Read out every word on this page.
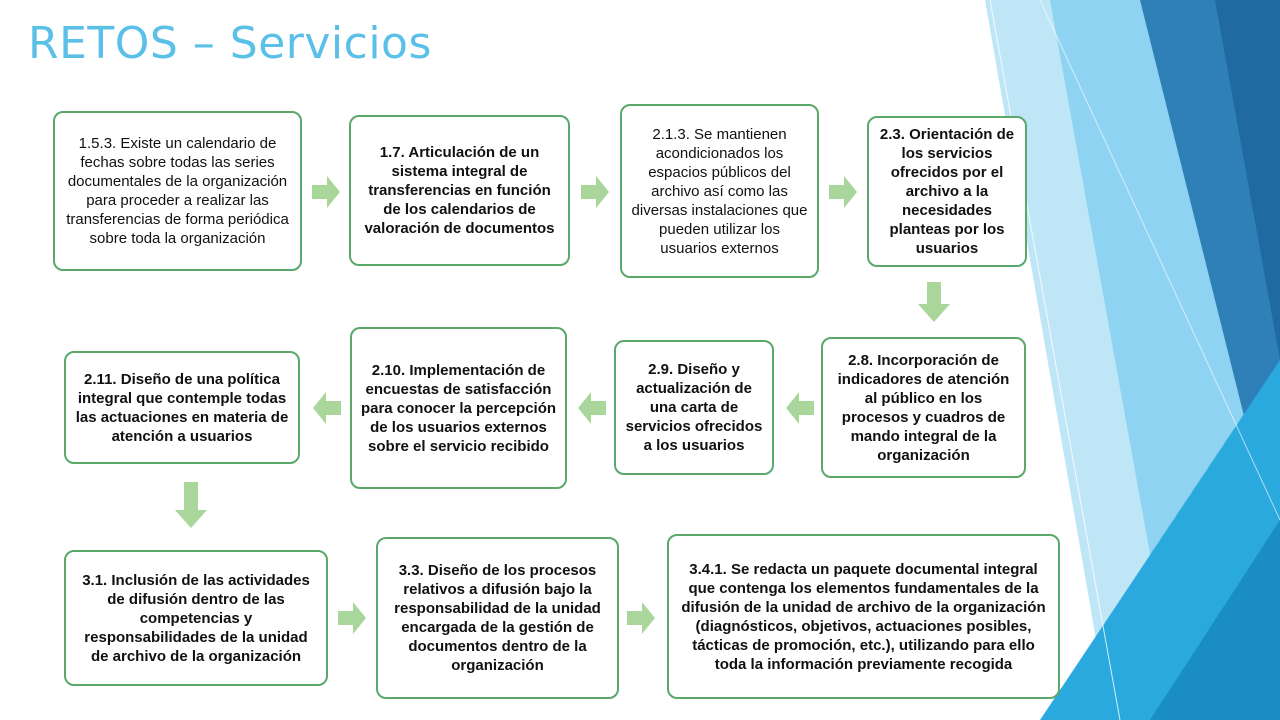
RETOS – Servicios
1.5.3. Existe un calendario de fechas sobre todas las series documentales de la organización para proceder a realizar las transferencias de forma periódica sobre toda la organización
1.7. Articulación de un sistema integral de transferencias en función de los calendarios de valoración de documentos
2.1.3. Se mantienen acondicionados los espacios públicos del archivo así como las diversas instalaciones que pueden utilizar los usuarios externos
2.3. Orientación de los servicios ofrecidos por el archivo a la necesidades planteas por los usuarios
2.8. Incorporación de indicadores de atención al público en los procesos y cuadros de mando integral de la organización
2.9. Diseño y actualización de una carta de servicios ofrecidos a los usuarios
2.10. Implementación de encuestas de satisfacción para conocer la percepción de los usuarios externos sobre el servicio recibido
2.11. Diseño de una política integral que contemple todas las actuaciones en materia de atención a usuarios
3.1. Inclusión de las actividades de difusión dentro de las competencias y responsabilidades de la unidad de archivo de la organización
3.3. Diseño de los procesos relativos a difusión bajo la responsabilidad de la unidad encargada de la gestión de documentos dentro de la organización
3.4.1. Se redacta un paquete documental integral que contenga los elementos fundamentales de la difusión de la unidad de archivo de la organización (diagnósticos, objetivos, actuaciones posibles, tácticas de promoción, etc.), utilizando para ello toda la información previamente recogida
